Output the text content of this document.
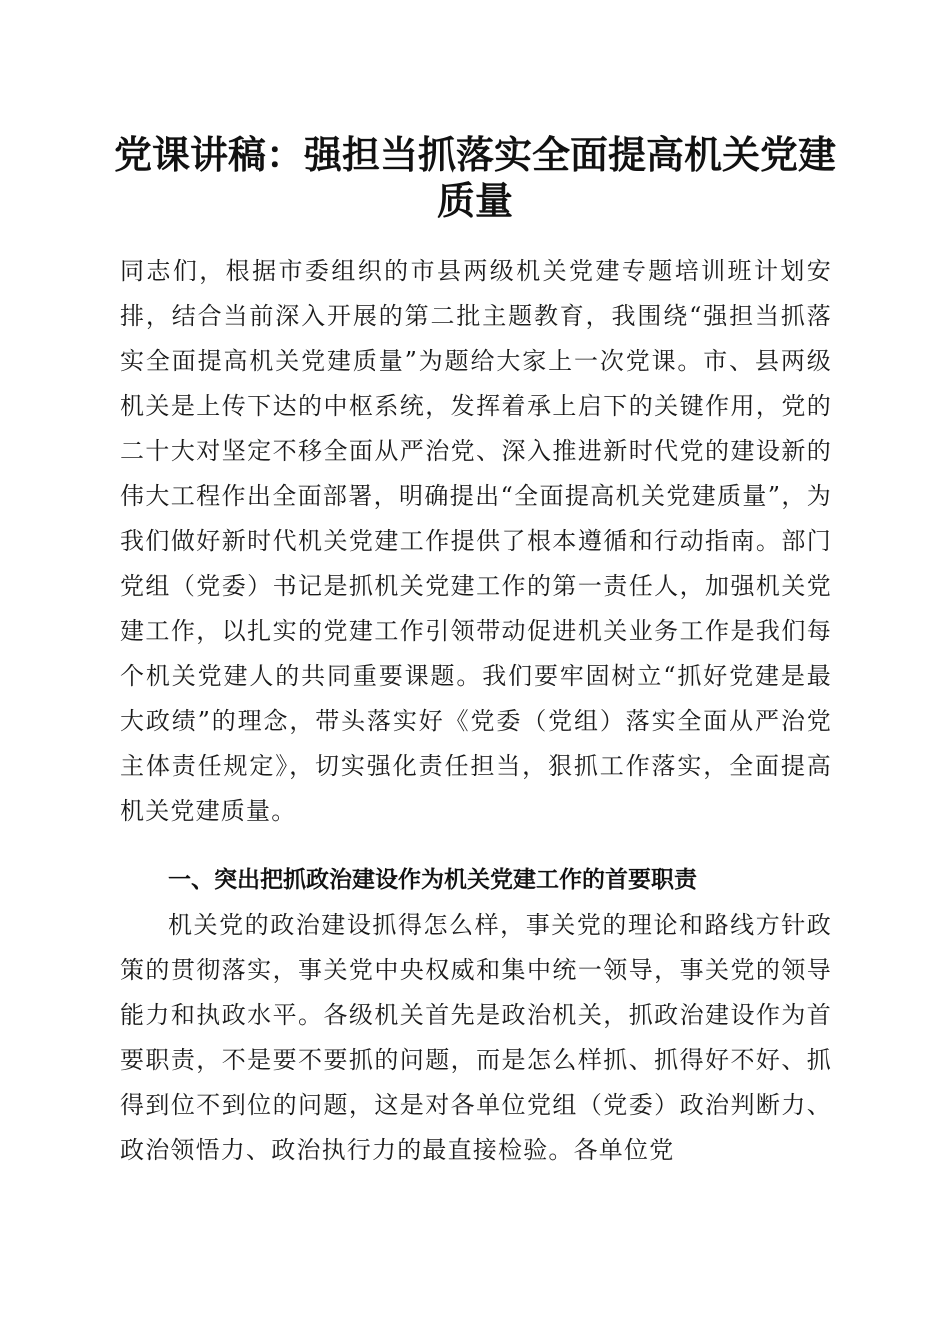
党课讲稿：强担当抓落实全面提高机关党建质量

同志们，根据市委组织的市县两级机关党建专题培训班计划安排，结合当前深入开展的第二批主题教育，我围绕“强担当抓落实全面提高机关党建质量”为题给大家上一次党课。市、县两级机关是上传下达的中枢系统，发挥着承上启下的关键作用，党的二十大对坚定不移全面从严治党、深入推进新时代党的建设新的伟大工程作出全面部署，明确提出“全面提高机关党建质量”，为我们做好新时代机关党建工作提供了根本遵循和行动指南。部门党组（党委）书记是抓机关党建工作的第一责任人，加强机关党建工作，以扎实的党建工作引领带动促进机关业务工作是我们每个机关党建人的共同重要课题。我们要牢固树立“抓好党建是最大政绩”的理念，带头落实好《党委（党组）落实全面从严治党主体责任规定》，切实强化责任担当，狠抓工作落实，全面提高机关党建质量。

一、突出把抓政治建设作为机关党建工作的首要职责

机关党的政治建设抓得怎么样，事关党的理论和路线方针政策的贯彻落实，事关党中央权威和集中统一领导，事关党的领导能力和执政水平。各级机关首先是政治机关，抓政治建设作为首要职责，不是要不要抓的问题，而是怎么样抓、抓得好不好、抓得到位不到位的问题，这是对各单位党组（党委）政治判断力、政治领悟力、政治执行力的最直接检验。各单位党
